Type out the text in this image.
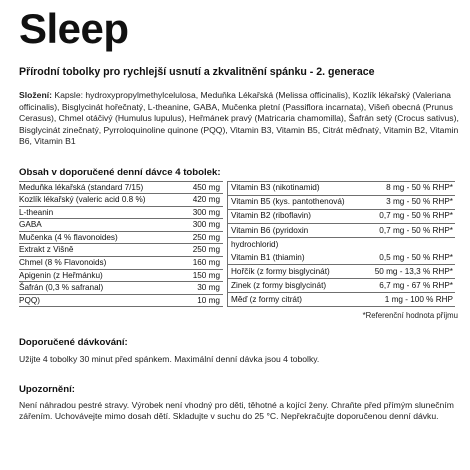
Sleep
Přírodní tobolky pro rychlejší usnutí a zkvalitnění spánku - 2. generace
Složení: Kapsle: hydroxypropylmethylcelulosa, Meduňka Lékařská (Melissa officinalis), Kozlík lékařský (Valeriana officinalis), Bisglycinát hořečnatý, L-theanine, GABA, Mučenka pletní (Passiflora incarnata), Višeň obecná (Prunus Cerasus), Chmel otáčivý (Humulus lupulus), Heřmánek pravý (Matricaria chamomilla), Šafrán setý (Crocus sativus), Bisglycinát zinečnatý, Pyrroloquinoline quinone (PQQ), Vitamin B3, Vitamin B5, Citrát měďnatý, Vitamin B2, Vitamin B6, Vitamin B1
Obsah v doporučené denní dávce 4 tobolek:
Meduňka lékařská (standard 7/15)	450 mg
Kozlík lékařský (valeric acid 0.8 %)	420 mg
L-theanin	300 mg
GABA	300 mg
Mučenka (4 % flavonoides)	250 mg
Extrakt z Višně	250 mg
Chmel (8 % Flavonoids)	160 mg
Apigenin (z Heřmánku)	150 mg
Šafrán (0,3 % safranal)	30 mg
PQQ)	10 mg
Vitamin B3 (nikotinamid)	8 mg - 50 % RHP*
Vitamin B5 (kys. pantothenová)	3 mg - 50 % RHP*
Vitamin B2 (riboflavin)	0,7 mg - 50 % RHP*
Vitamin B6 (pyridoxin	0,7 mg - 50 % RHP*
hydrochlorid)	
Vitamin B1 (thiamin)	0,5 mg - 50 % RHP*
Hořčík (z formy bisglycinát)	50 mg - 13,3 % RHP*
Zinek (z formy bisglycinát)	6,7 mg - 67 % RHP*
Měď (z formy citrát)	1 mg - 100 % RHP
*Referenční hodnota příjmu
Doporučené dávkování:
Užijte 4 tobolky 30 minut před spánkem. Maximální denní dávka jsou 4 tobolky.
Upozornění:
Není náhradou pestré stravy. Výrobek není vhodný pro děti, těhotné a kojící ženy. Chraňte před přímým slunečním zářením. Uchovávejte mimo dosah dětí. Skladujte v suchu do 25 °C. Nepřekračujte doporučenou denní dávku.
